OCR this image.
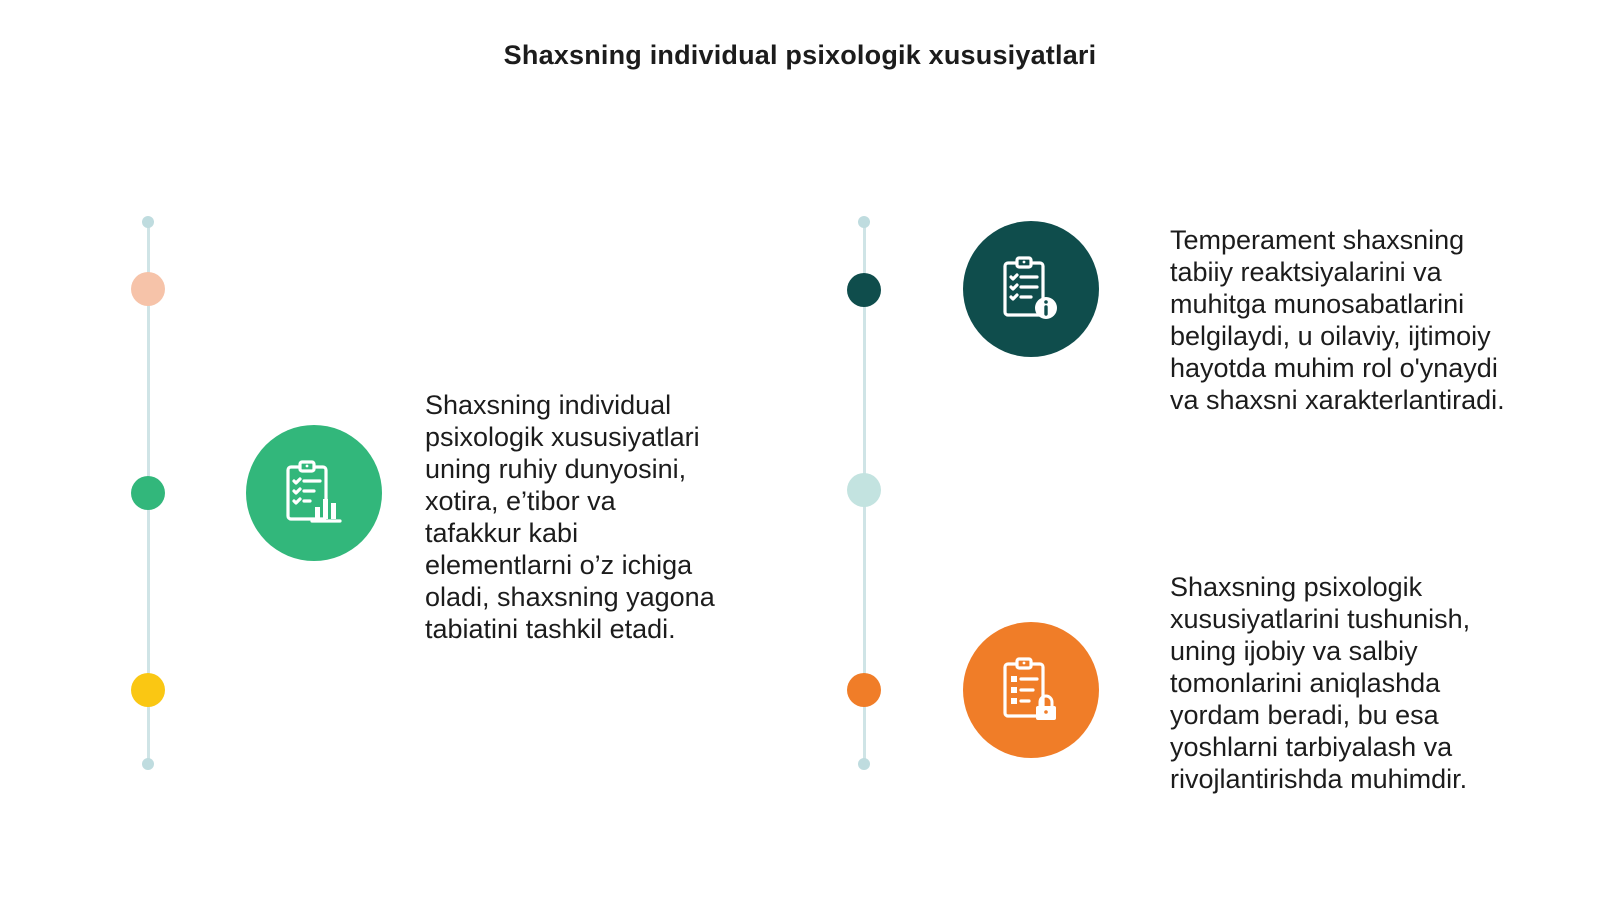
Shaxsning individual psixologik xususiyatlari
Shaxsning individual
psixologik xususiyatlari
uning ruhiy dunyosini,
xotira, e’tibor va
tafakkur kabi
elementlarni o’z ichiga
oladi, shaxsning yagona
tabiatini tashkil etadi.
Temperament shaxsning
tabiiy reaktsiyalarini va
muhitga munosabatlarini
belgilaydi, u oilaviy, ijtimoiy
hayotda muhim rol o'ynaydi
va shaxsni xarakterlantiradi.
Shaxsning psixologik
xususiyatlarini tushunish,
uning ijobiy va salbiy
tomonlarini aniqlashda
yordam beradi, bu esa
yoshlarni tarbiyalash va
rivojlantirishda muhimdir.
